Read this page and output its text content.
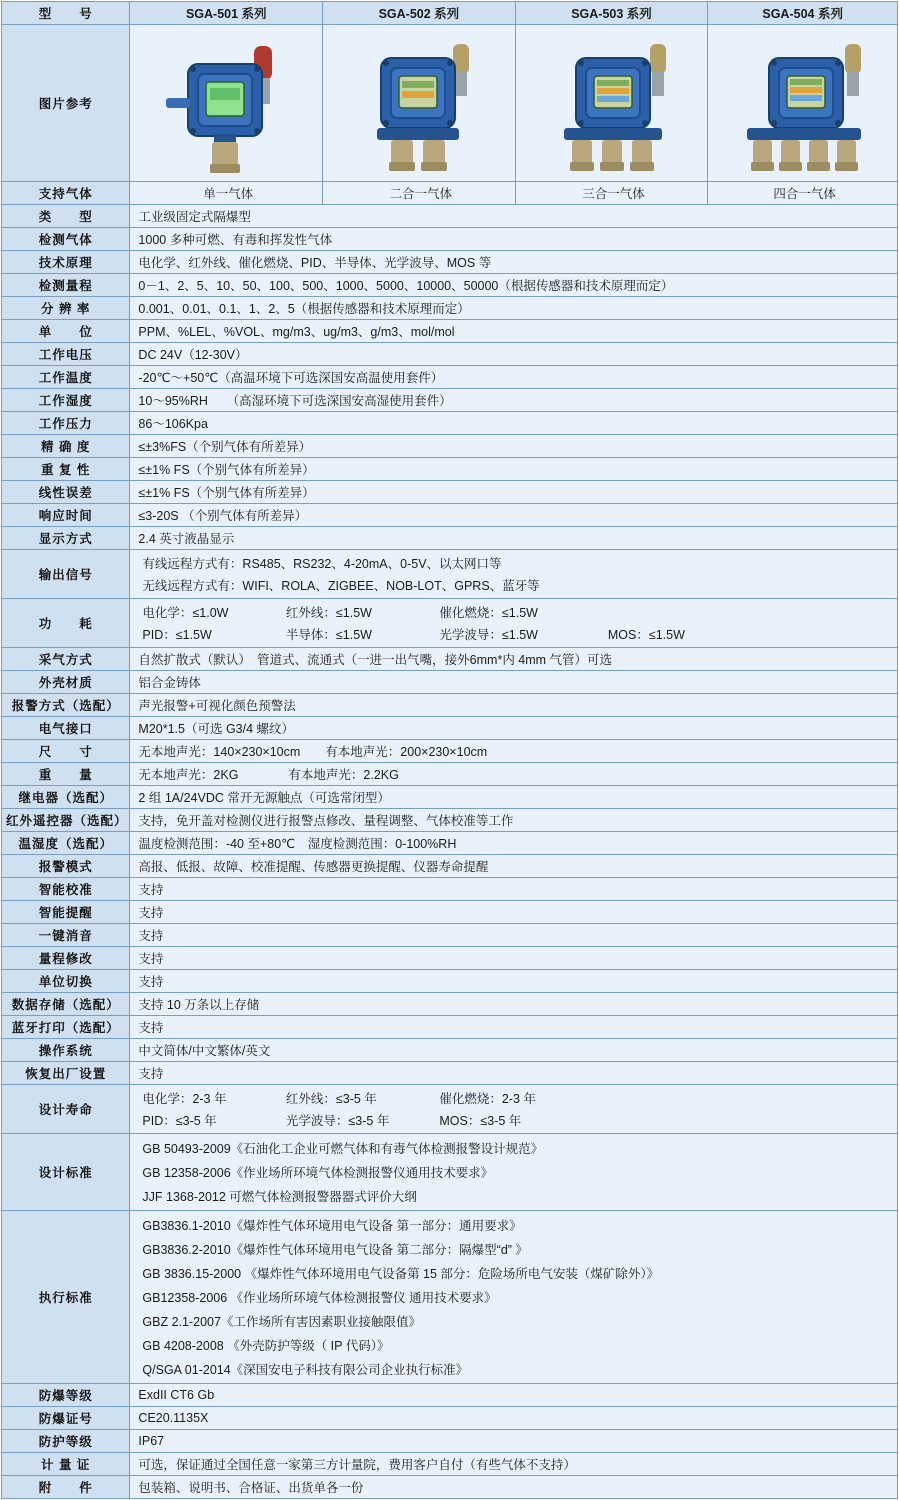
型　　号	SGA-501 系列	SGA-502 系列	SGA-503 系列	SGA-504 系列
图片参考	

支持气体	单一气体	二合一气体	三合一气体	四合一气体
类　　型	工业级固定式隔爆型			
检测气体	1000 多种可燃、有毒和挥发性气体			
技术原理	电化学、红外线、催化燃烧、PID、半导体、光学波导、MOS 等			
检测量程	0－1、2、5、10、50、100、500、1000、5000、10000、50000（根据传感器和技术原理而定）			
分 辨 率	0.001、0.01、0.1、1、2、5（根据传感器和技术原理而定）			
单　　位	PPM、%LEL、%VOL、mg/m3、ug/m3、g/m3、mol/mol			
工作电压	DC 24V（12-30V）			
工作温度	-20℃～+50℃（高温环境下可选深国安高温使用套件）			
工作湿度	10～95%RH　　（高湿环境下可选深国安高湿使用套件）			
工作压力	86～106Kpa			
精 确 度	≤±3%FS（个别气体有所差异）			
重 复 性	≤±1% FS（个别气体有所差异）			
线性误差	≤±1% FS（个别气体有所差异）			
响应时间	≤3-20S （个别气体有所差异）			
显示方式	2.4 英寸液晶显示			
输出信号	有线远程方式有：RS485、RS232、4-20mA、0-5V、以太网口等
无线远程方式有：WIFI、ROLA、ZIGBEE、NOB-LOT、GPRS、蓝牙等			

功　　耗	电化学：≤1.0W 红外线：≤1.5W 催化燃烧：≤1.5W
PID：≤1.5W 半导体：≤1.5W 光学波导：≤1.5W MOS：≤1.5W			

采气方式	自然扩散式（默认）　管道式、流通式（一进一出气嘴，接外6mm*内 4mm 气管）可选			
外壳材质	铝合金铸体			
报警方式（选配）	声光报警+可视化颜色预警法			
电气接口	M20*1.5（可选 G3/4 螺纹）			
尺　　寸	无本地声光：140×230×10cm　　有本地声光：200×230×10cm			
重　　量	无本地声光：2KG　　　　有本地声光：2.2KG			
继电器（选配）	2 组 1A/24VDC 常开无源触点（可选常闭型）			
红外遥控器（选配）	支持，免开盖对检测仪进行报警点修改、量程调整、气体校准等工作			
温湿度（选配）	温度检测范围：-40 至+80℃　湿度检测范围：0-100%RH			
报警模式	高报、低报、故障、校准提醒、传感器更换提醒、仪器寿命提醒			
智能校准	支持			
智能提醒	支持			
一键消音	支持			
量程修改	支持			
单位切换	支持			
数据存储（选配）	支持 10 万条以上存储			
蓝牙打印（选配）	支持			
操作系统	中文简体/中文繁体/英文			
恢复出厂设置	支持			
设计寿命	电化学：2-3 年 红外线：≤3-5 年 催化燃烧：2-3 年
PID：≤3-5 年 光学波导：≤3-5 年 MOS：≤3-5 年			

设计标准	GB 50493-2009《石油化工企业可燃气体和有毒气体检测报警设计规范》
GB 12358-2006《作业场所环境气体检测报警仪通用技术要求》
JJF 1368-2012 可燃气体检测报警器器式评价大纲			

执行标准	
GB3836.1-2010《爆炸性气体环境用电气设备 第一部分：通用要求》
GB3836.2-2010《爆炸性气体环境用电气设备 第二部分：隔爆型“d” 》
GB 3836.15-2000 《爆炸性气体环境用电气设备第 15 部分：危险场所电气安装（煤矿除外）》
GB12358-2006 《作业场所环境气体检测报警仪 通用技术要求》
GBZ 2.1-2007《工作场所有害因素职业接触限值》
GB 4208-2008 《外壳防护等级（ IP 代码）》
Q/SGA 01-2014《深国安电子科技有限公司企业执行标准》

防爆等级	ExdII CT6 Gb			
防爆证号	CE20.1135X			
防护等级	IP67			
计 量 证	可选，保证通过全国任意一家第三方计量院，费用客户自付（有些气体不支持）			
附　　件	包装箱、说明书、合格证、出货单各一份			
